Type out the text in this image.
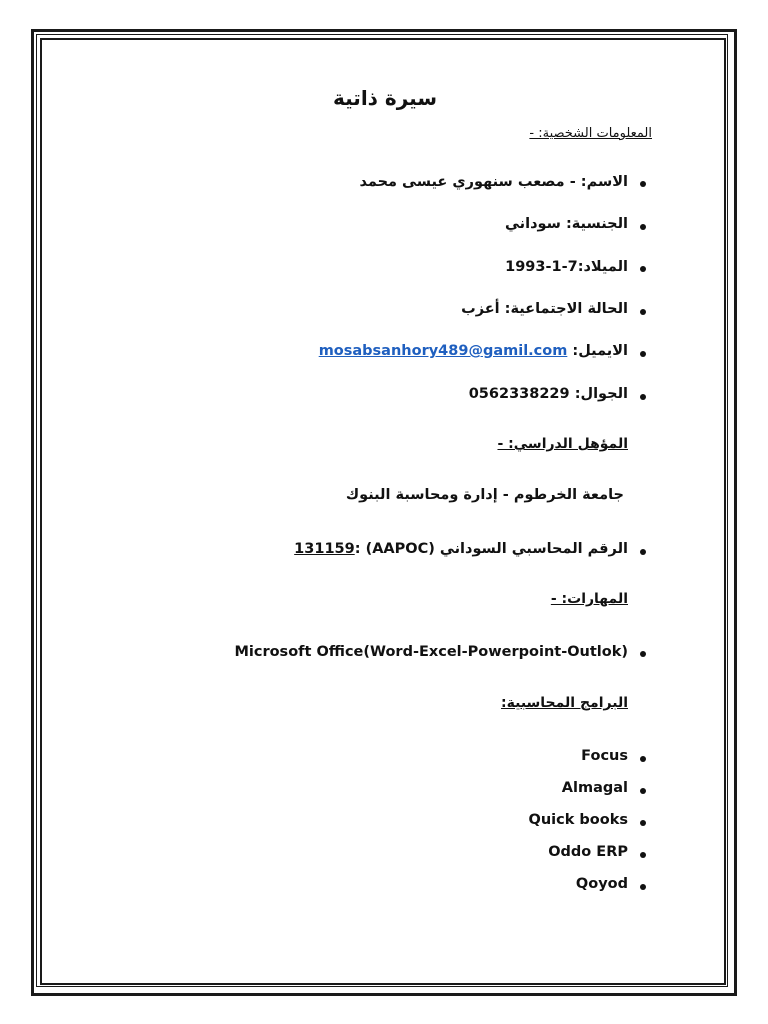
سيرة ذاتية
المعلومات الشخصية: -
الاسم: - مصعب سنهوري عيسى محمد
الجنسية: سوداني
الميلاد:1993-1-7
الحالة الاجتماعية: أعزب
الايميل: mosabsanhory489@gamil.com
الجوال: 0562338229
المؤهل الدراسي: -
جامعة الخرطوم - إدارة ومحاسبة البنوك
الرقم المحاسبي السوداني (AAPOC) :131159
المهارات: -
Microsoft Office(Word-Excel-Powerpoint-Outlok)
البرامج المحاسبية:
Focus
Almagal
Quick books
Oddo ERP
Qoyod
